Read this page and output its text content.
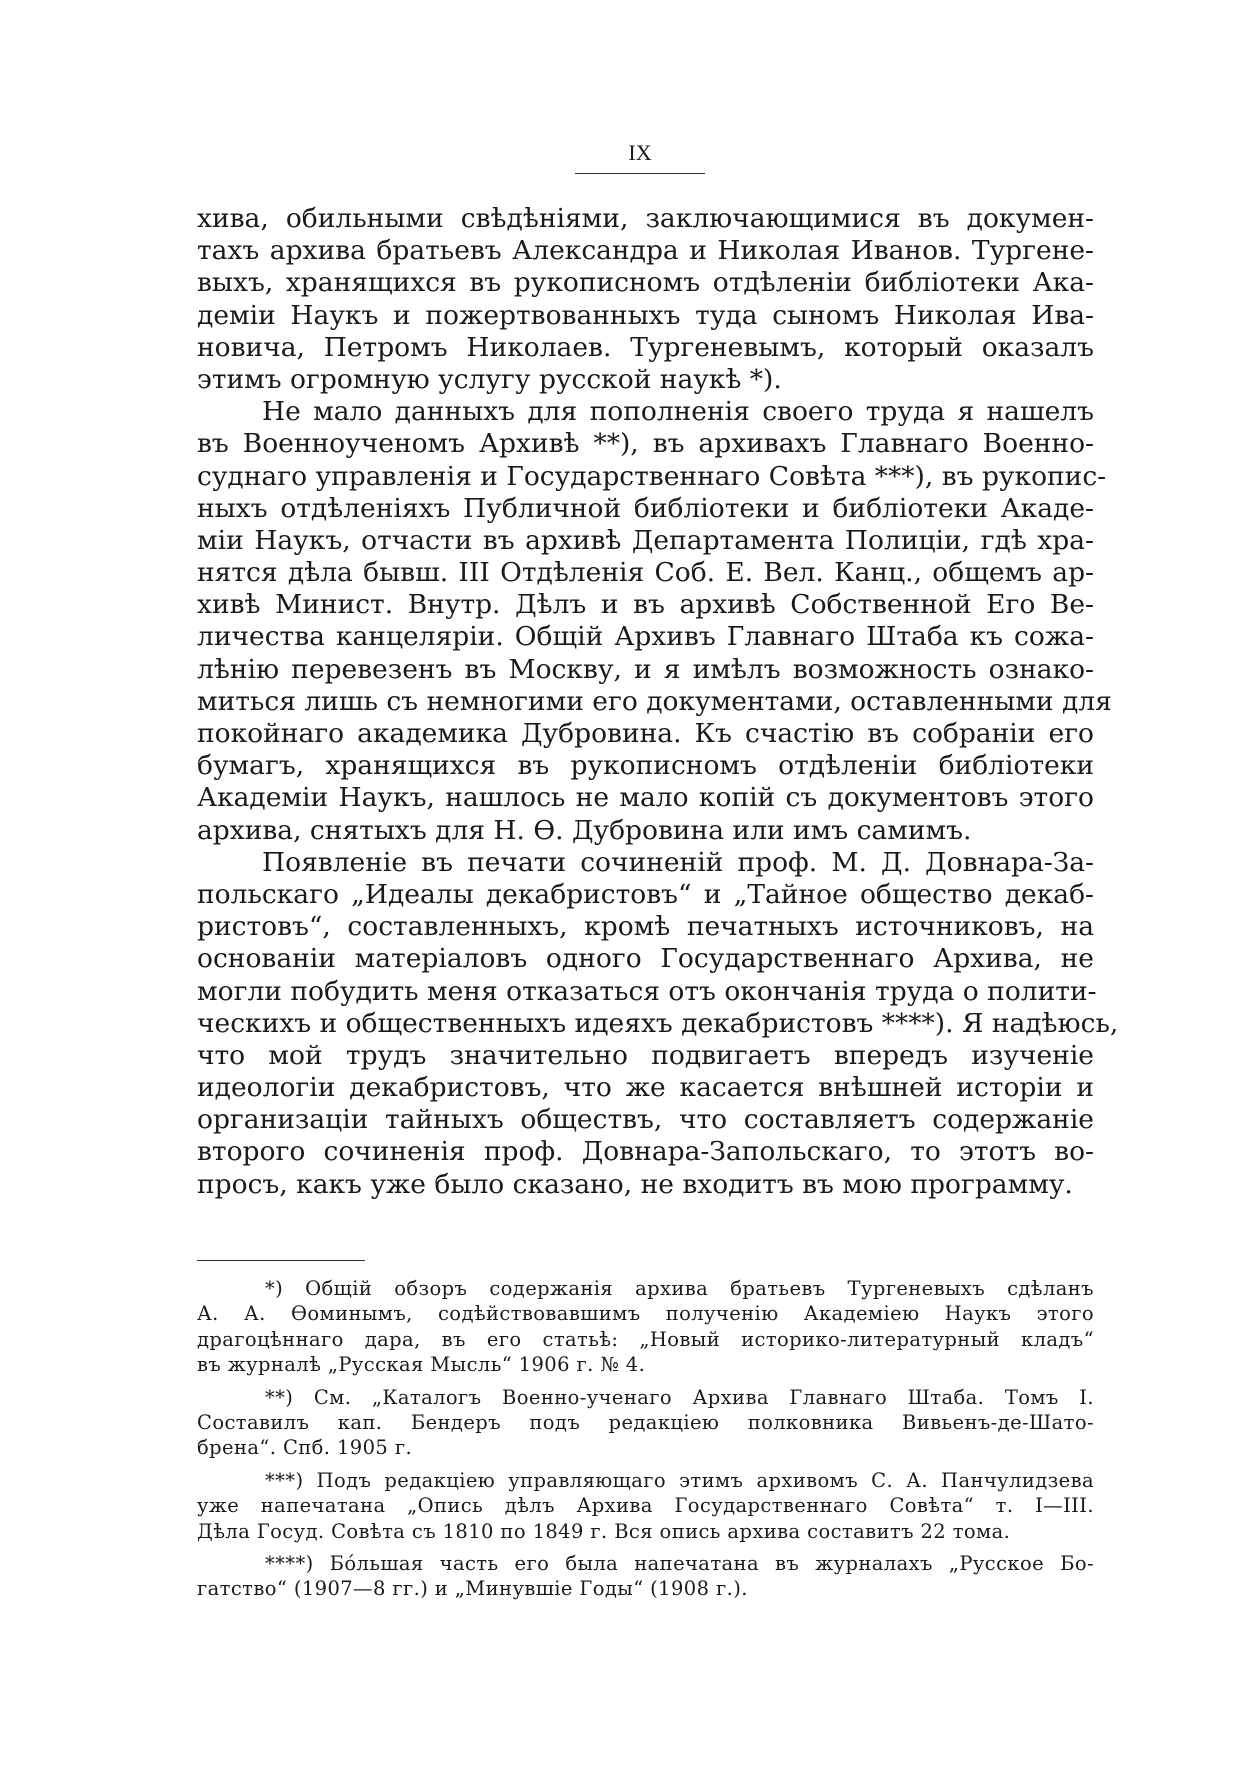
IX
хива, обильными свѣдѣніями, заключающимися въ докумен-
тахъ архива братьевъ Александра и Николая Иванов. Тургене-
выхъ, хранящихся въ рукописномъ отдѣленіи библіотеки Ака-
деміи Наукъ и пожертвованныхъ туда сыномъ Николая Ива-
новича, Петромъ Николаев. Тургеневымъ, который оказалъ
этимъ огромную услугу русской наукѣ *).
Не мало данныхъ для пополненія своего труда я нашелъ
въ Военноученомъ Архивѣ **), въ архивахъ Главнаго Военно-
суднаго управленія и Государственнаго Совѣта ***), въ рукопис-
ныхъ отдѣленіяхъ Публичной библіотеки и библіотеки Акаде-
міи Наукъ, отчасти въ архивѣ Департамента Полиціи, гдѣ хра-
нятся дѣла бывш. III Отдѣленія Соб. Е. Вел. Канц., общемъ ар-
хивѣ Минист. Внутр. Дѣлъ и въ архивѣ Собственной Его Ве-
личества канцеляріи. Общій Архивъ Главнаго Штаба къ сожа-
лѣнію перевезенъ въ Москву, и я имѣлъ возможность ознако-
миться лишь съ немногими его документами, оставленными для
покойнаго академика Дубровина. Къ счастію въ собраніи его
бумагъ, хранящихся въ рукописномъ отдѣленіи библіотеки
Академіи Наукъ, нашлось не мало копій съ документовъ этого
архива, снятыхъ для Н. Ѳ. Дубровина или имъ самимъ.
Появленіе въ печати сочиненій проф. М. Д. Довнара-За-
польскаго „Идеалы декабристовъ“ и „Тайное общество декаб-
ристовъ“, составленныхъ, кромѣ печатныхъ источниковъ, на
основаніи матеріаловъ одного Государственнаго Архива, не
могли побудить меня отказаться отъ окончанія труда о полити-
ческихъ и общественныхъ идеяхъ декабристовъ ****). Я надѣюсь,
что мой трудъ значительно подвигаетъ впередъ изученіе
идеологіи декабристовъ, что же касается внѣшней исторіи и
организаціи тайныхъ обществъ, что составляетъ содержаніе
второго сочиненія проф. Довнара-Запольскаго, то этотъ во-
просъ, какъ уже было сказано, не входитъ въ мою программу.
*) Общій обзоръ содержанія архива братьевъ Тургеневыхъ сдѣланъ
А. А. Ѳоминымъ, содѣйствовавшимъ полученію Академіею Наукъ этого
драгоцѣннаго дара, въ его статьѣ: „Новый историко-литературный кладъ“
въ журналѣ „Русская Мысль“ 1906 г. № 4.
**) См. „Каталогъ Военно-ученаго Архива Главнаго Штаба. Томъ I.
Составилъ кап. Бендеръ подъ редакціею полковника Вивьенъ-де-Шато-
брена“. Спб. 1905 г.
***) Подъ редакціею управляющаго этимъ архивомъ С. А. Панчулидзева
уже напечатана „Опись дѣлъ Архива Государственнаго Совѣта“ т. I—III.
Дѣла Госуд. Совѣта съ 1810 по 1849 г. Вся опись архива составитъ 22 тома.
****) Бóльшая часть его была напечатана въ журналахъ „Русское Бо-
гатство“ (1907—8 гг.) и „Минувшіе Годы“ (1908 г.).
